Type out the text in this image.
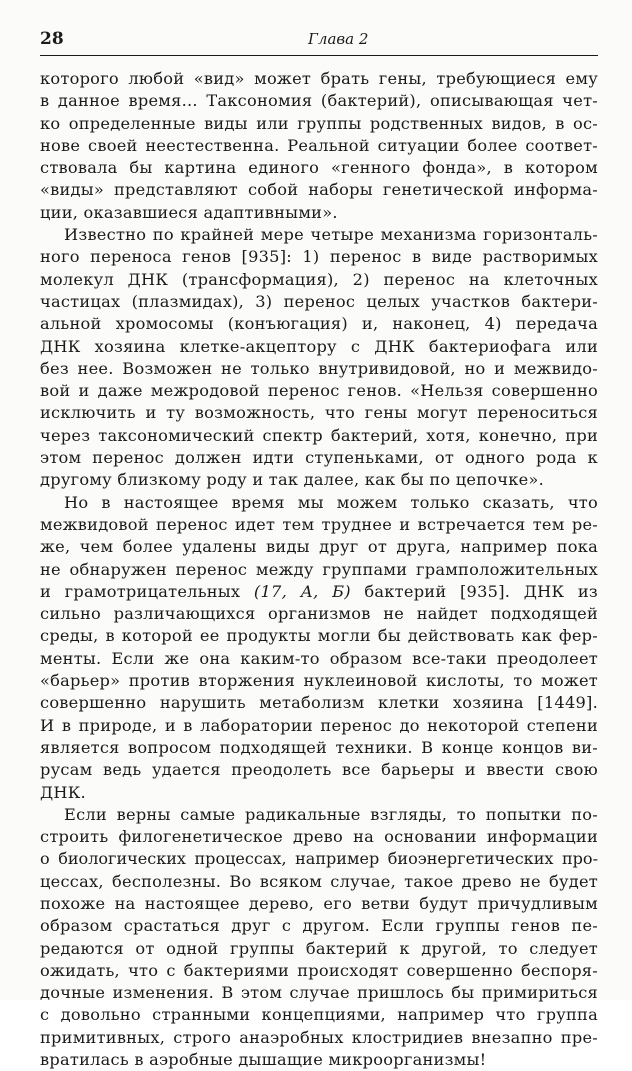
28	Глава 2
которого любой «вид» может брать гены, требующиеся ему
в данное время... Таксономия (бактерий), описывающая чет-
ко определенные виды или группы родственных видов, в ос-
нове своей неестественна. Реальной ситуации более соответ-
ствовала бы картина единого «генного фонда», в котором
«виды» представляют собой наборы генетической информа-
ции, оказавшиеся адаптивными».
Известно по крайней мере четыре механизма горизонталь-
ного переноса генов [935]: 1) перенос в виде растворимых
молекул ДНК (трансформация), 2) перенос на клеточных
частицах (плазмидах), 3) перенос целых участков бактери-
альной хромосомы (конъюгация) и, наконец, 4) передача
ДНК хозяина клетке-акцептору с ДНК бактериофага или
без нее. Возможен не только внутривидовой, но и межвидо-
вой и даже межродовой перенос генов. «Нельзя совершенно
исключить и ту возможность, что гены могут переноситься
через таксономический спектр бактерий, хотя, конечно, при
этом перенос должен идти ступеньками, от одного рода к
другому близкому роду и так далее, как бы по цепочке».
Но в настоящее время мы можем только сказать, что
межвидовой перенос идет тем труднее и встречается тем ре-
же, чем более удалены виды друг от друга, например пока
не обнаружен перенос между группами грамположительных
и грамотрицательных (17, А, Б) бактерий [935]. ДНК из
сильно различающихся организмов не найдет подходящей
среды, в которой ее продукты могли бы действовать как фер-
менты. Если же она каким-то образом все-таки преодолеет
«барьер» против вторжения нуклеиновой кислоты, то может
совершенно нарушить метаболизм клетки хозяина [1449].
И в природе, и в лаборатории перенос до некоторой степени
является вопросом подходящей техники. В конце концов ви-
русам ведь удается преодолеть все барьеры и ввести свою
ДНК.
Если верны самые радикальные взгляды, то попытки по-
строить филогенетическое древо на основании информации
о биологических процессах, например биоэнергетических про-
цессах, бесполезны. Во всяком случае, такое древо не будет
похоже на настоящее дерево, его ветви будут причудливым
образом срастаться друг с другом. Если группы генов пе-
редаются от одной группы бактерий к другой, то следует
ожидать, что с бактериями происходят совершенно беспоря-
дочные изменения. В этом случае пришлось бы примириться
с довольно странными концепциями, например что группа
примитивных, строго анаэробных клостридиев внезапно пре-
вратилась в аэробные дышащие микроорганизмы!
